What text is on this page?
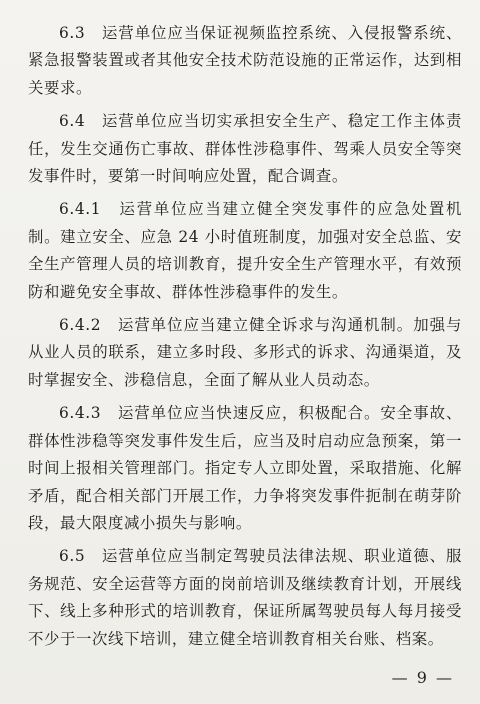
6.3　运营单位应当保证视频监控系统、入侵报警系统、紧急报警装置或者其他安全技术防范设施的正常运作，达到相关要求。

6.4　运营单位应当切实承担安全生产、稳定工作主体责任，发生交通伤亡事故、群体性涉稳事件、驾乘人员安全等突发事件时，要第一时间响应处置，配合调查。

6.4.1　运营单位应当建立健全突发事件的应急处置机制。建立安全、应急 24 小时值班制度，加强对安全总监、安全生产管理人员的培训教育，提升安全生产管理水平，有效预防和避免安全事故、群体性涉稳事件的发生。

6.4.2　运营单位应当建立健全诉求与沟通机制。加强与从业人员的联系，建立多时段、多形式的诉求、沟通渠道，及时掌握安全、涉稳信息，全面了解从业人员动态。

6.4.3　运营单位应当快速反应，积极配合。安全事故、群体性涉稳等突发事件发生后，应当及时启动应急预案，第一时间上报相关管理部门。指定专人立即处置，采取措施、化解矛盾，配合相关部门开展工作，力争将突发事件扼制在萌芽阶段，最大限度减小损失与影响。

6.5　运营单位应当制定驾驶员法律法规、职业道德、服务规范、安全运营等方面的岗前培训及继续教育计划，开展线下、线上多种形式的培训教育，保证所属驾驶员每人每月接受不少于一次线下培训，建立健全培训教育相关台账、档案。

— 9 —
